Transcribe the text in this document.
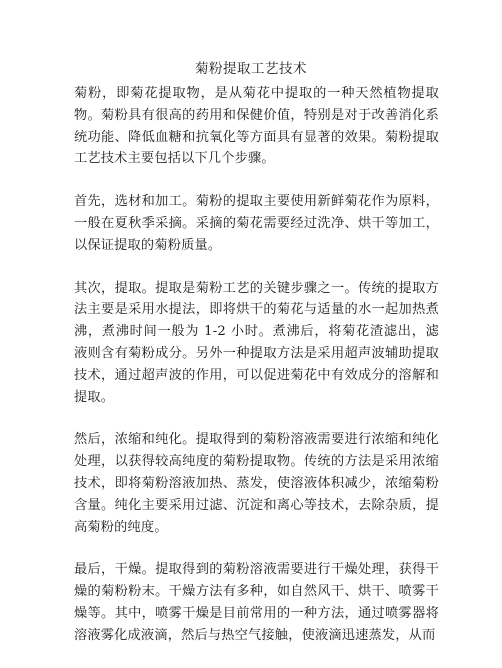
菊粉提取工艺技术

菊粉，即菊花提取物，是从菊花中提取的一种天然植物提取物。菊粉具有很高的药用和保健价值，特别是对于改善消化系统功能、降低血糖和抗氧化等方面具有显著的效果。菊粉提取工艺技术主要包括以下几个步骤。

首先，选材和加工。菊粉的提取主要使用新鲜菊花作为原料，一般在夏秋季采摘。采摘的菊花需要经过洗净、烘干等加工，以保证提取的菊粉质量。

其次，提取。提取是菊粉工艺的关键步骤之一。传统的提取方法主要是采用水提法，即将烘干的菊花与适量的水一起加热煮沸，煮沸时间一般为 1-2 小时。煮沸后，将菊花渣滤出，滤液则含有菊粉成分。另外一种提取方法是采用超声波辅助提取技术，通过超声波的作用，可以促进菊花中有效成分的溶解和提取。

然后，浓缩和纯化。提取得到的菊粉溶液需要进行浓缩和纯化处理，以获得较高纯度的菊粉提取物。传统的方法是采用浓缩技术，即将菊粉溶液加热、蒸发，使溶液体积减少，浓缩菊粉含量。纯化主要采用过滤、沉淀和离心等技术，去除杂质，提高菊粉的纯度。

最后，干燥。提取得到的菊粉溶液需要进行干燥处理，获得干燥的菊粉粉末。干燥方法有多种，如自然风干、烘干、喷雾干燥等。其中，喷雾干燥是目前常用的一种方法，通过喷雾器将溶液雾化成液滴，然后与热空气接触，使液滴迅速蒸发，从而
